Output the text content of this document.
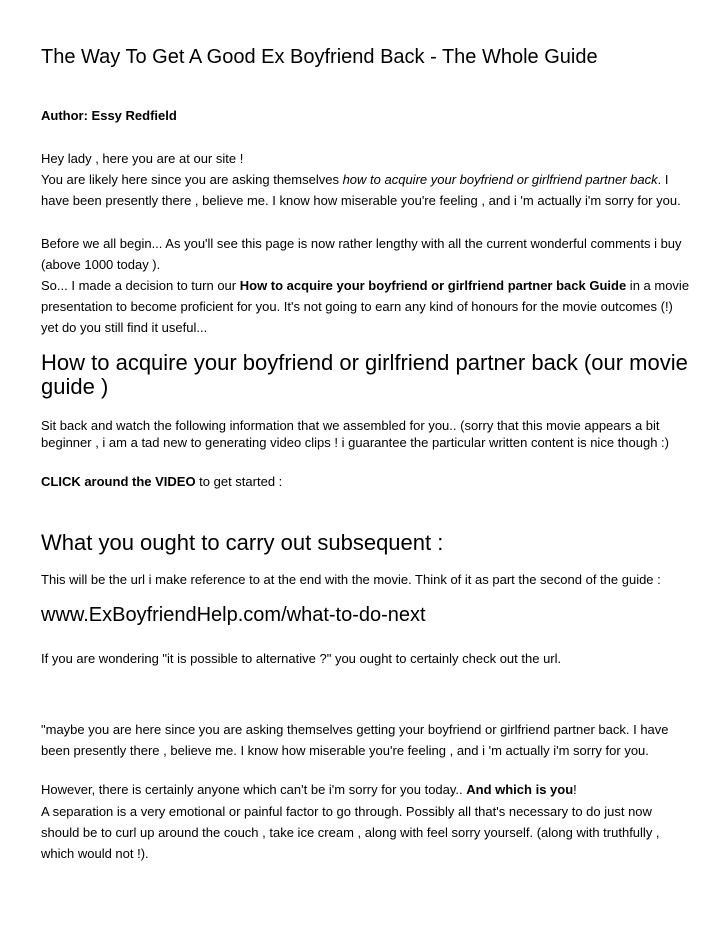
The Way To Get A Good Ex Boyfriend Back - The Whole Guide
Author: Essy Redfield

Hey lady , here you are at our site !

You are likely here since you are asking themselves how to acquire your boyfriend or girlfriend partner back. I have been presently there , believe me. I know how miserable you're feeling , and i 'm actually i'm sorry for you.

Before we all begin... As you'll see this page is now rather lengthy with all the current wonderful comments i buy (above 1000 today ).

So... I made a decision to turn our How to acquire your boyfriend or girlfriend partner back Guide in a movie presentation to become proficient for you. It's not going to earn any kind of honours for the movie outcomes (!) yet do you still find it useful...

How to acquire your boyfriend or girlfriend partner back (our movie guide )

Sit back and watch the following information that we assembled for you.. (sorry that this movie appears a bit beginner , i am a tad new to generating video clips ! i guarantee the particular written content is nice though :)

CLICK around the VIDEO to get started :

What you ought to carry out subsequent :

This will be the url i make reference to at the end with the movie. Think of it as part the second of the guide :

www.ExBoyfriendHelp.com/what-to-do-next

If you are wondering "it is possible to alternative ?" you ought to certainly check out the url.

"maybe you are here since you are asking themselves getting your boyfriend or girlfriend partner back. I have been presently there , believe me. I know how miserable you're feeling , and i 'm actually i'm sorry for you.

However, there is certainly anyone which can't be i'm sorry for you today.. And which is you!

A separation is a very emotional or painful factor to go through. Possibly all that's necessary to do just now should be to curl up around the couch , take ice cream , along with feel sorry yourself. (along with truthfully , which would not !).
